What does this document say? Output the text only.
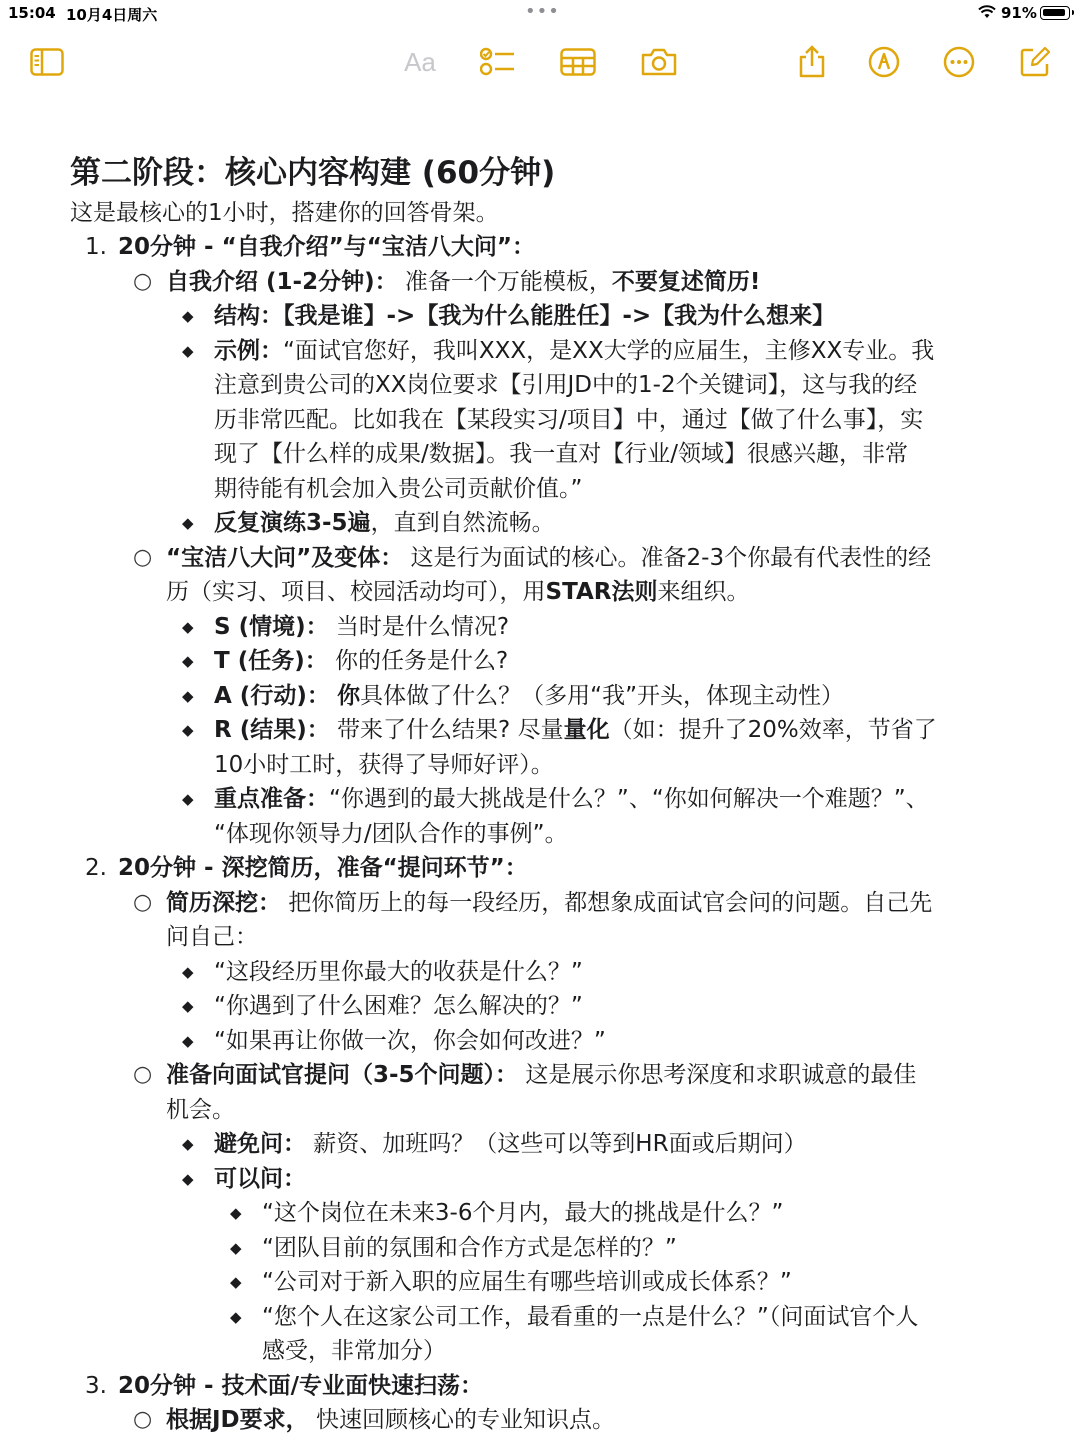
15:04 10月4日周六	•••	91%
Aa
第二阶段：核心内容构建 (60分钟)
这是最核心的1小时，搭建你的回答骨架。
1. 20分钟 - “自我介绍”与“宝洁八大问”：
○ 自我介绍 (1-2分钟)： 准备一个万能模板，不要复述简历!
◆ 结构：【我是谁】->【我为什么能胜任】->【我为什么想来】
◆ 示例：“面试官您好，我叫XXX，是XX大学的应届生，主修XX专业。我
注意到贵公司的XX岗位要求【引用JD中的1-2个关键词】，这与我的经
历非常匹配。比如我在【某段实习/项目】中，通过【做了什么事】，实
现了【什么样的成果/数据】。我一直对【行业/领域】很感兴趣，非常
期待能有机会加入贵公司贡献价值。”
◆ 反复演练3-5遍，直到自然流畅。
○ “宝洁八大问”及变体： 这是行为面试的核心。准备2-3个你最有代表性的经
历（实习、项目、校园活动均可），用STAR法则来组织。
◆ S (情境)： 当时是什么情况?
◆ T (任务)： 你的任务是什么?
◆ A (行动)： 你具体做了什么？（多用“我”开头，体现主动性）
◆ R (结果)： 带来了什么结果? 尽量量化（如：提升了20%效率，节省了
10小时工时，获得了导师好评）。
◆ 重点准备：“你遇到的最大挑战是什么？”、“你如何解决一个难题？”、
“体现你领导力/团队合作的事例”。
2. 20分钟 - 深挖简历，准备“提问环节”：
○ 简历深挖： 把你简历上的每一段经历，都想象成面试官会问的问题。自己先
问自己：
◆ “这段经历里你最大的收获是什么？”
◆ “你遇到了什么困难？怎么解决的？”
◆ “如果再让你做一次，你会如何改进？”
○ 准备向面试官提问（3-5个问题）： 这是展示你思考深度和求职诚意的最佳
机会。
◆ 避免问： 薪资、加班吗？（这些可以等到HR面或后期问）
◆ 可以问：
◆ “这个岗位在未来3-6个月内，最大的挑战是什么？”
◆ “团队目前的氛围和合作方式是怎样的？”
◆ “公司对于新入职的应届生有哪些培训或成长体系？”
◆ “您个人在这家公司工作，最看重的一点是什么？”（问面试官个人
感受，非常加分）
3. 20分钟 - 技术面/专业面快速扫荡：
○ 根据JD要求， 快速回顾核心的专业知识点。
